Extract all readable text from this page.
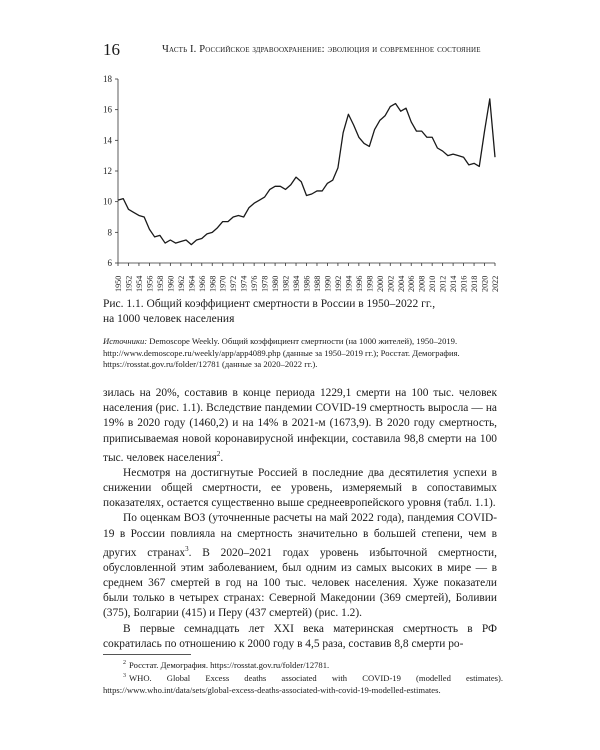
16	Часть I. Российское здравоохранение: эволюция и современное состояние
6
8
10
12
14
16
18
1950 1952 1954 1956 1958 1960 1962 1964 1966 1968 1970 1972 1974 1976 1978 1980 1982 1984 1986 1988 1990 1992 1994 1996 1998 2000 2002 2004 2006 2008 2010 2012 2014 2016 2018 2020 2022
Рис. 1.1. Общий коэффициент смертности в России в 1950–2022 гг.,
на 1000 человек населения
Источники: Demoscope Weekly. Общий коэффициент смертности (на 1000 жителей), 1950–2019. http://www.demoscope.ru/weekly/app/app4089.php (данные за 1950–2019 гг.); Росстат. Демография. https://rosstat.gov.ru/folder/12781 (данные за 2020–2022 гг.).

зилась на 20%, составив в конце периода 1229,1 смерти на 100 тыс. человек населения (рис. 1.1). Вследствие пандемии COVID-19 смертность выросла — на 19% в 2020 году (1460,2) и на 14% в 2021-м (1673,9). В 2020 году смертность, приписываемая новой коронавирусной инфекции, составила 98,8 смерти на 100 тыс. человек населения$^2$.

Несмотря на достигнутые Россией в последние два десятилетия успехи в снижении общей смертности, ее уровень, измеряемый в сопоставимых показателях, остается существенно выше среднеевропейского уровня (табл. 1.1).

По оценкам ВОЗ (уточненные расчеты на май 2022 года), пандемия COVID-19 в России повлияла на смертность значительно в большей степени, чем в других странах$^3$. В 2020–2021 годах уровень избыточной смертности, обусловленной этим заболеванием, был одним из самых высоких в мире — в среднем 367 смертей в год на 100 тыс. человек населения. Хуже показатели были только в четырех странах: Северной Македонии (369 смертей), Боливии (375), Болгарии (415) и Перу (437 смертей) (рис. 1.2).

В первые семнадцать лет XXI века материнская смертность в РФ сократилась по отношению к 2000 году в 4,5 раза, составив 8,8 смерти ро-

$^2$ Росстат. Демография. https://rosstat.gov.ru/folder/12781.

$^3$ WHO. Global Excess deaths associated with COVID-19 (modelled estimates). https://www.who.int/data/sets/global-excess-deaths-associated-with-covid-19-modelled-estimates.
